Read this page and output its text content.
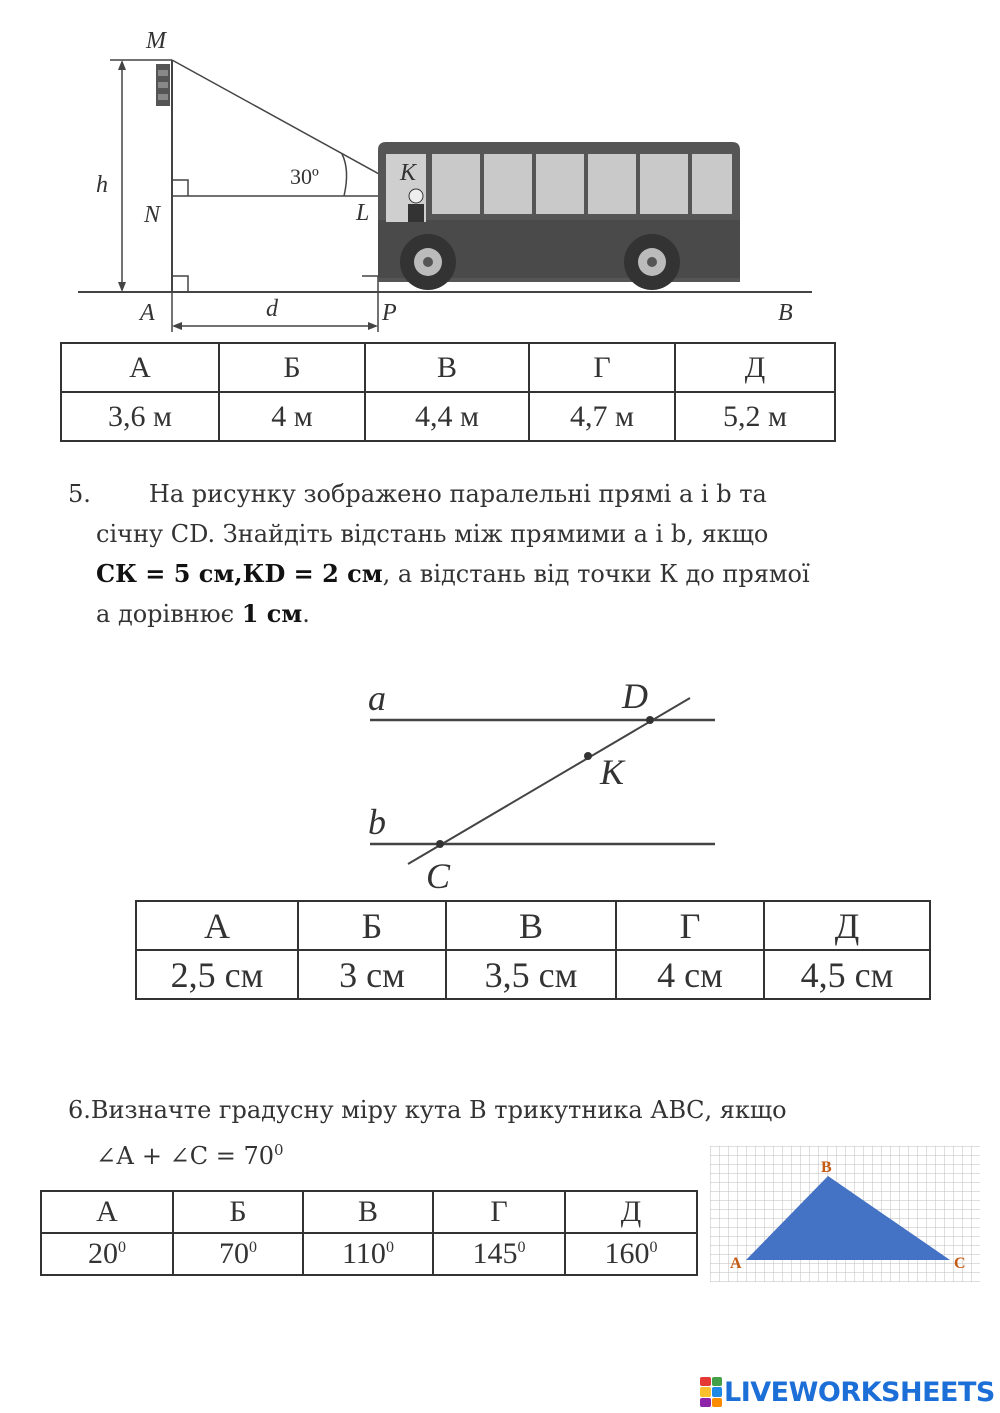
M
h
N
30º	K
L
A	d	P	B
А	Б	В	Г	Д
3,6 м	4 м	4,4 м	4,7 м	5,2 м
5. На рисунку зображено паралельні прямі a і b та
січну CD. Знайдіть відстань між прямими a і b, якщо
СК = 5 см,КD = 2 см, а відстань від точки К до прямої
а дорівнює 1 см.
a
b
D
K
C
А	Б	В	Г	Д
2,5 см	3 см	3,5 см	4 см	4,5 см
6.Визначте градусну міру кута В трикутника АВС, якщо
∠А + ∠С = $70^0$
А	Б	В	Г	Д
$20^0$	$70^0$	$110^0$	$145^0$	$160^0$
A
B
C
LIVEWORKSHEETS
